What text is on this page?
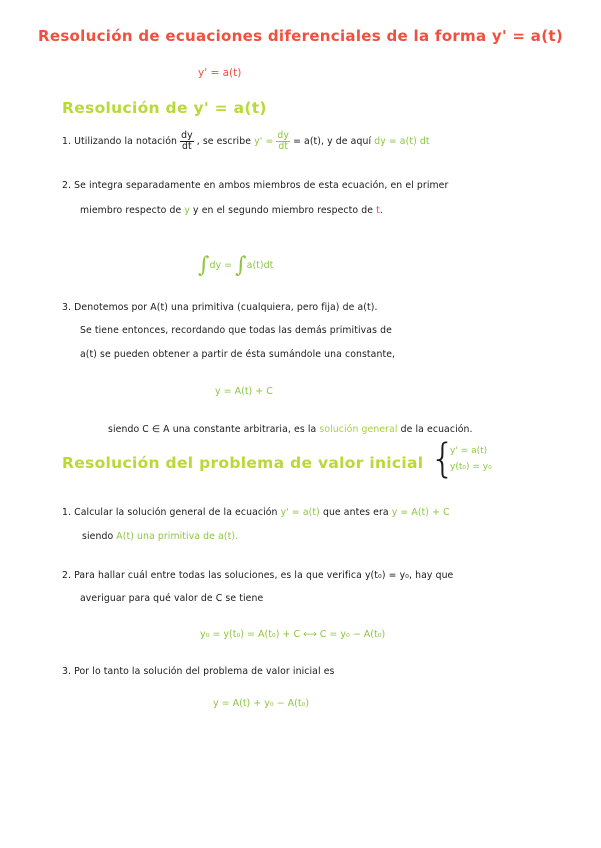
Resolución de ecuaciones diferenciales de la forma y' = a(t)
y' = a(t)
Resolución de y' = a(t)
1. Utilizando la notación $\frac{dy}{dt}$ , se escribe $y' = \frac{dy}{dt} = a(t)$, y de aquí dy = a(t) dt
2. Se integra separadamente en ambos miembros de esta ecuación, en el primer
miembro respecto de y y en el segundo miembro respecto de t.
∫dy = ∫a(t)dt
3. Denotemos por A(t) una primitiva (cualquiera, pero fija) de a(t).
Se tiene entonces, recordando que todas las demás primitivas de
a(t) se pueden obtener a partir de ésta sumándole una constante,
y = A(t) + C
siendo C ∈ A una constante arbitraria, es la solución general de la ecuación.
Resolución del problema de valor inicial {
y' = a(t)
y(t₀) = y₀
1. Calcular la solución general de la ecuación y' = a(t) que antes era y = A(t) + C
siendo A(t) una primitiva de a(t).
2. Para hallar cuál entre todas las soluciones, es la que verifica y(t₀) = y₀, hay que
averiguar para qué valor de C se tiene
y₀ = y(t₀) = A(t₀) + C ⟷ C = y₀ − A(t₀)
3. Por lo tanto la solución del problema de valor inicial es
y = A(t) + y₀ − A(t₀)
